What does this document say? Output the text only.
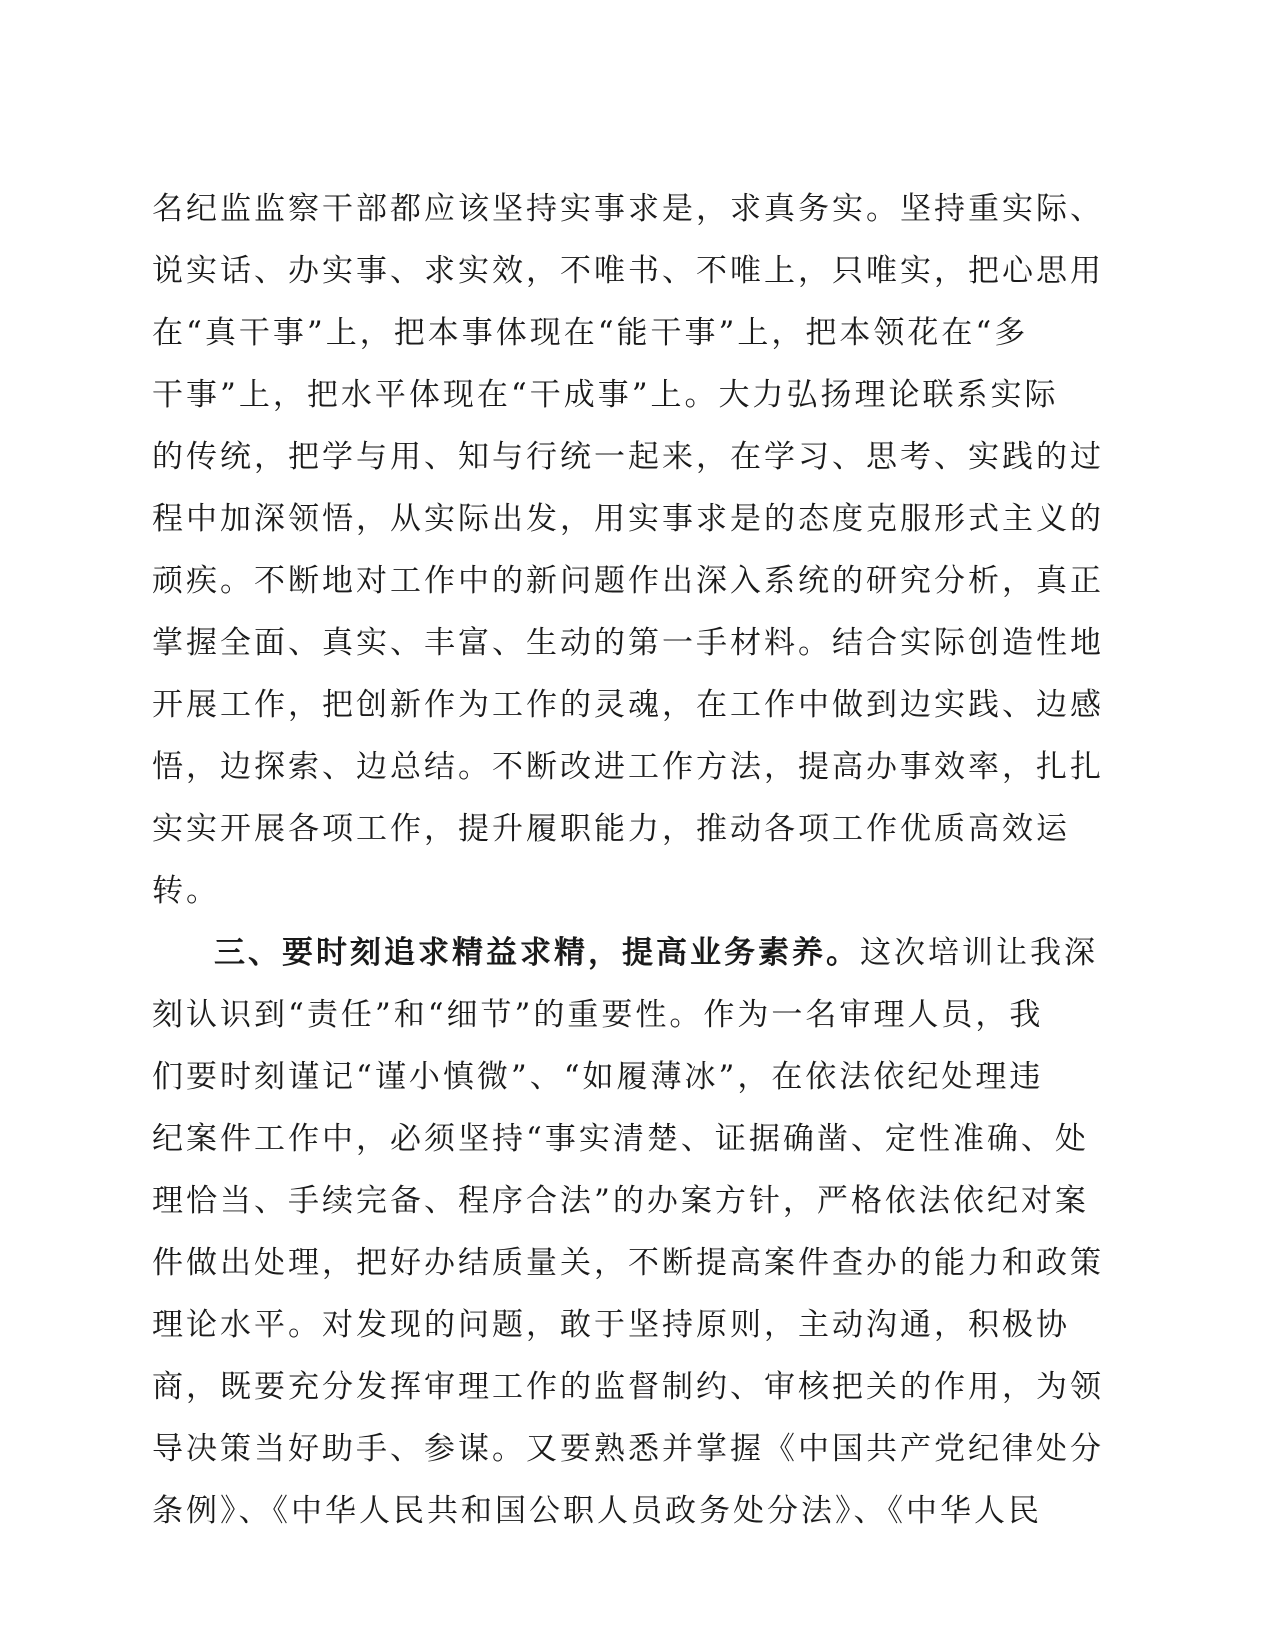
名纪监监察干部都应该坚持实事求是，求真务实。坚持重实际、
说实话、办实事、求实效，不唯书、不唯上，只唯实，把心思用
在“真干事”上，把本事体现在“能干事”上，把本领花在“多
干事”上，把水平体现在“干成事”上。大力弘扬理论联系实际
的传统，把学与用、知与行统一起来，在学习、思考、实践的过
程中加深领悟，从实际出发，用实事求是的态度克服形式主义的
顽疾。不断地对工作中的新问题作出深入系统的研究分析，真正
掌握全面、真实、丰富、生动的第一手材料。结合实际创造性地
开展工作，把创新作为工作的灵魂，在工作中做到边实践、边感
悟，边探索、边总结。不断改进工作方法，提高办事效率，扎扎
实实开展各项工作，提升履职能力，推动各项工作优质高效运
转。
三、要时刻追求精益求精，提高业务素养。这次培训让我深
刻认识到“责任”和“细节”的重要性。作为一名审理人员，我
们要时刻谨记“谨小慎微”、“如履薄冰”，在依法依纪处理违
纪案件工作中，必须坚持“事实清楚、证据确凿、定性准确、处
理恰当、手续完备、程序合法”的办案方针，严格依法依纪对案
件做出处理，把好办结质量关，不断提高案件查办的能力和政策
理论水平。对发现的问题，敢于坚持原则，主动沟通，积极协
商，既要充分发挥审理工作的监督制约、审核把关的作用，为领
导决策当好助手、参谋。又要熟悉并掌握《中国共产党纪律处分
条例》、《中华人民共和国公职人员政务处分法》、《中华人民
